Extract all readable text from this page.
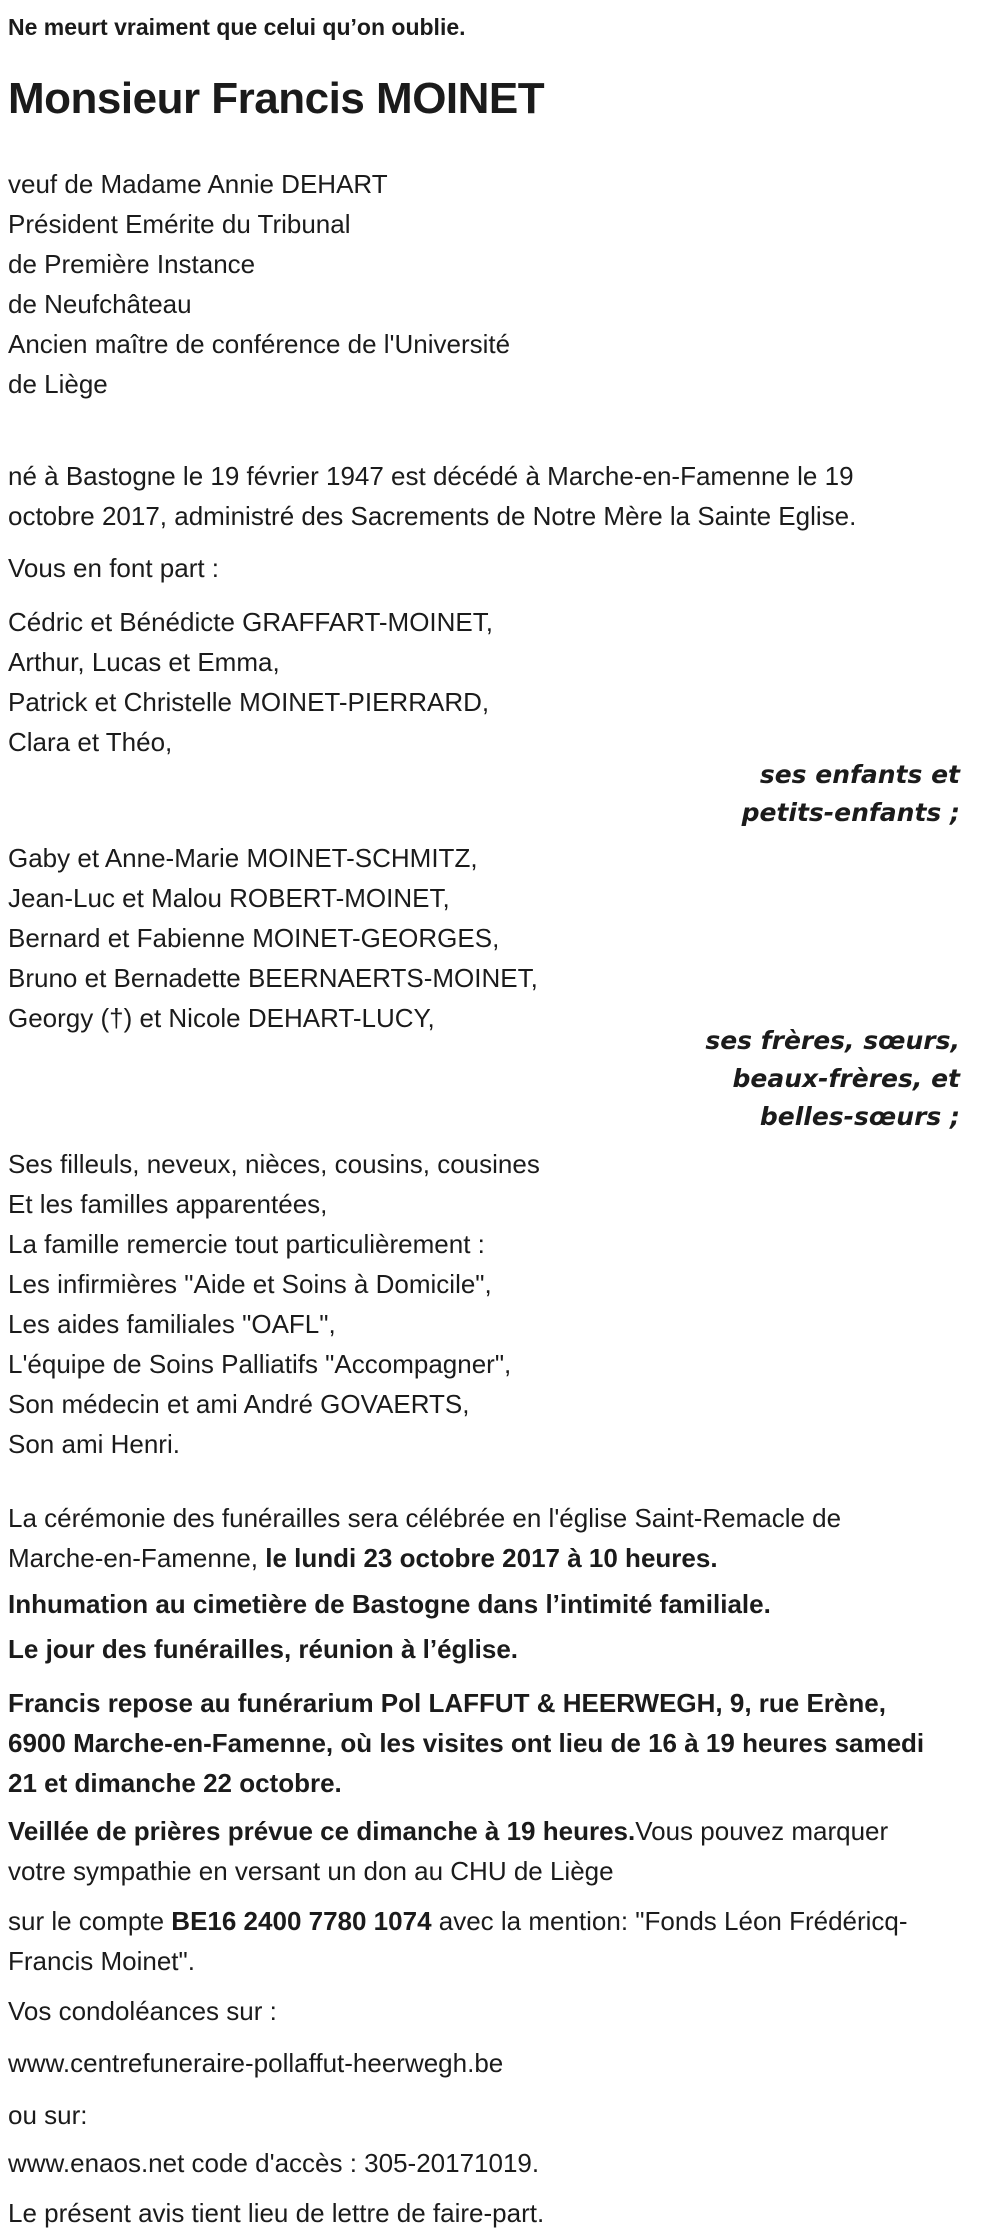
Ne meurt vraiment que celui qu’on oublie.

Monsieur Francis MOINET

veuf de Madame Annie DEHART

Président Emérite du Tribunal

de Première Instance

de Neufchâteau

Ancien maître de conférence de l'Université

de Liège

né à Bastogne le 19 février 1947 est décédé à Marche-en-Famenne le 19 octobre 2017, administré des Sacrements de Notre Mère la Sainte Eglise.

Vous en font part :

Cédric et Bénédicte GRAFFART-MOINET,

Arthur, Lucas et Emma,

Patrick et Christelle MOINET-PIERRARD,

Clara et Théo,

ses enfants et

petits-enfants ;

Gaby et Anne-Marie MOINET-SCHMITZ,

Jean-Luc et Malou ROBERT-MOINET,

Bernard et Fabienne MOINET-GEORGES,

Bruno et Bernadette BEERNAERTS-MOINET,

Georgy (†) et Nicole DEHART-LUCY,

ses frères, sœurs,

beaux-frères, et

belles-sœurs ;

Ses filleuls, neveux, nièces, cousins, cousines

Et les familles apparentées,

La famille remercie tout particulièrement :

Les infirmières "Aide et Soins à Domicile",

Les aides familiales "OAFL",

L'équipe de Soins Palliatifs "Accompagner",

Son médecin et ami André GOVAERTS,

Son ami Henri.

La cérémonie des funérailles sera célébrée en l'église Saint-Remacle de Marche-en-Famenne, le lundi 23 octobre 2017 à 10 heures.

Inhumation au cimetière de Bastogne dans l’intimité familiale.

Le jour des funérailles, réunion à l’église.

Francis repose au funérarium Pol LAFFUT & HEERWEGH, 9, rue Erène, 6900 Marche-en-Famenne, où les visites ont lieu de 16 à 19 heures samedi 21 et dimanche 22 octobre.

Veillée de prières prévue ce dimanche à 19 heures.Vous pouvez marquer votre sympathie en versant un don au CHU de Liège

sur le compte BE16 2400 7780 1074 avec la mention: "Fonds Léon Frédéricq-Francis Moinet".

Vos condoléances sur :

www.centrefuneraire-pollaffut-heerwegh.be

ou sur:

www.enaos.net code d'accès : 305-20171019.

Le présent avis tient lieu de lettre de faire-part.
